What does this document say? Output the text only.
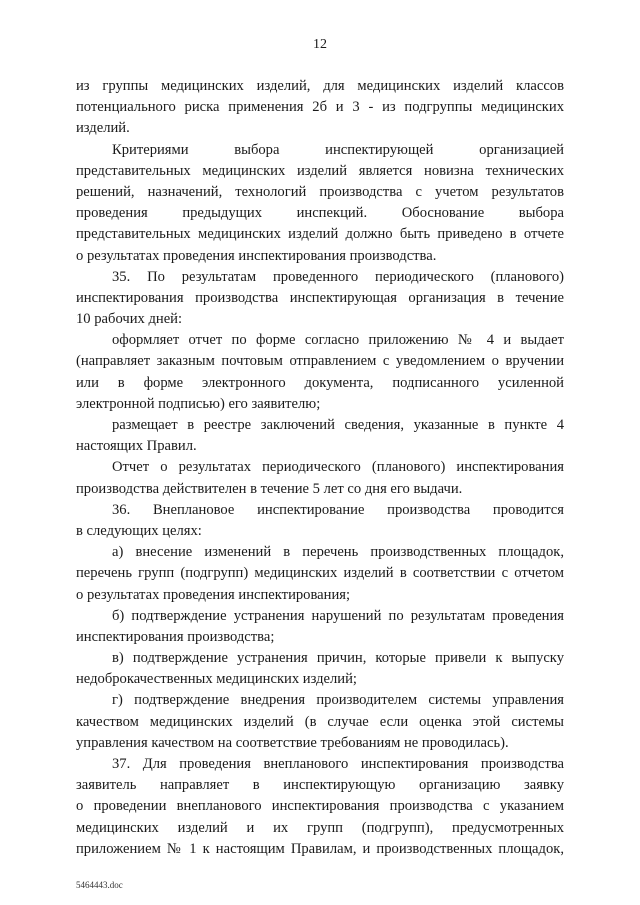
12
из группы медицинских изделий, для медицинских изделий классов
потенциального риска применения 2б и 3 - из подгруппы медицинских
изделий.
Критериями выбора инспектирующей организацией
представительных медицинских изделий является новизна технических
решений, назначений, технологий производства с учетом результатов
проведения предыдущих инспекций. Обоснование выбора
представительных медицинских изделий должно быть приведено в отчете
о результатах проведения инспектирования производства.
35. По результатам проведенного периодического (планового)
инспектирования производства инспектирующая организация в течение
10 рабочих дней:
оформляет отчет по форме согласно приложению № 4 и выдает
(направляет заказным почтовым отправлением с уведомлением о вручении
или в форме электронного документа, подписанного усиленной
электронной подписью) его заявителю;
размещает в реестре заключений сведения, указанные в пункте 4
настоящих Правил.
Отчет о результатах периодического (планового) инспектирования
производства действителен в течение 5 лет со дня его выдачи.
36. Внеплановое инспектирование производства проводится
в следующих целях:
а) внесение изменений в перечень производственных площадок,
перечень групп (подгрупп) медицинских изделий в соответствии с отчетом
о результатах проведения инспектирования;
б) подтверждение устранения нарушений по результатам проведения
инспектирования производства;
в) подтверждение устранения причин, которые привели к выпуску
недоброкачественных медицинских изделий;
г) подтверждение внедрения производителем системы управления
качеством медицинских изделий (в случае если оценка этой системы
управления качеством на соответствие требованиям не проводилась).
37. Для проведения внепланового инспектирования производства
заявитель направляет в инспектирующую организацию заявку
о проведении внепланового инспектирования производства с указанием
медицинских изделий и их групп (подгрупп), предусмотренных
приложением № 1 к настоящим Правилам, и производственных площадок,
5464443.doc
